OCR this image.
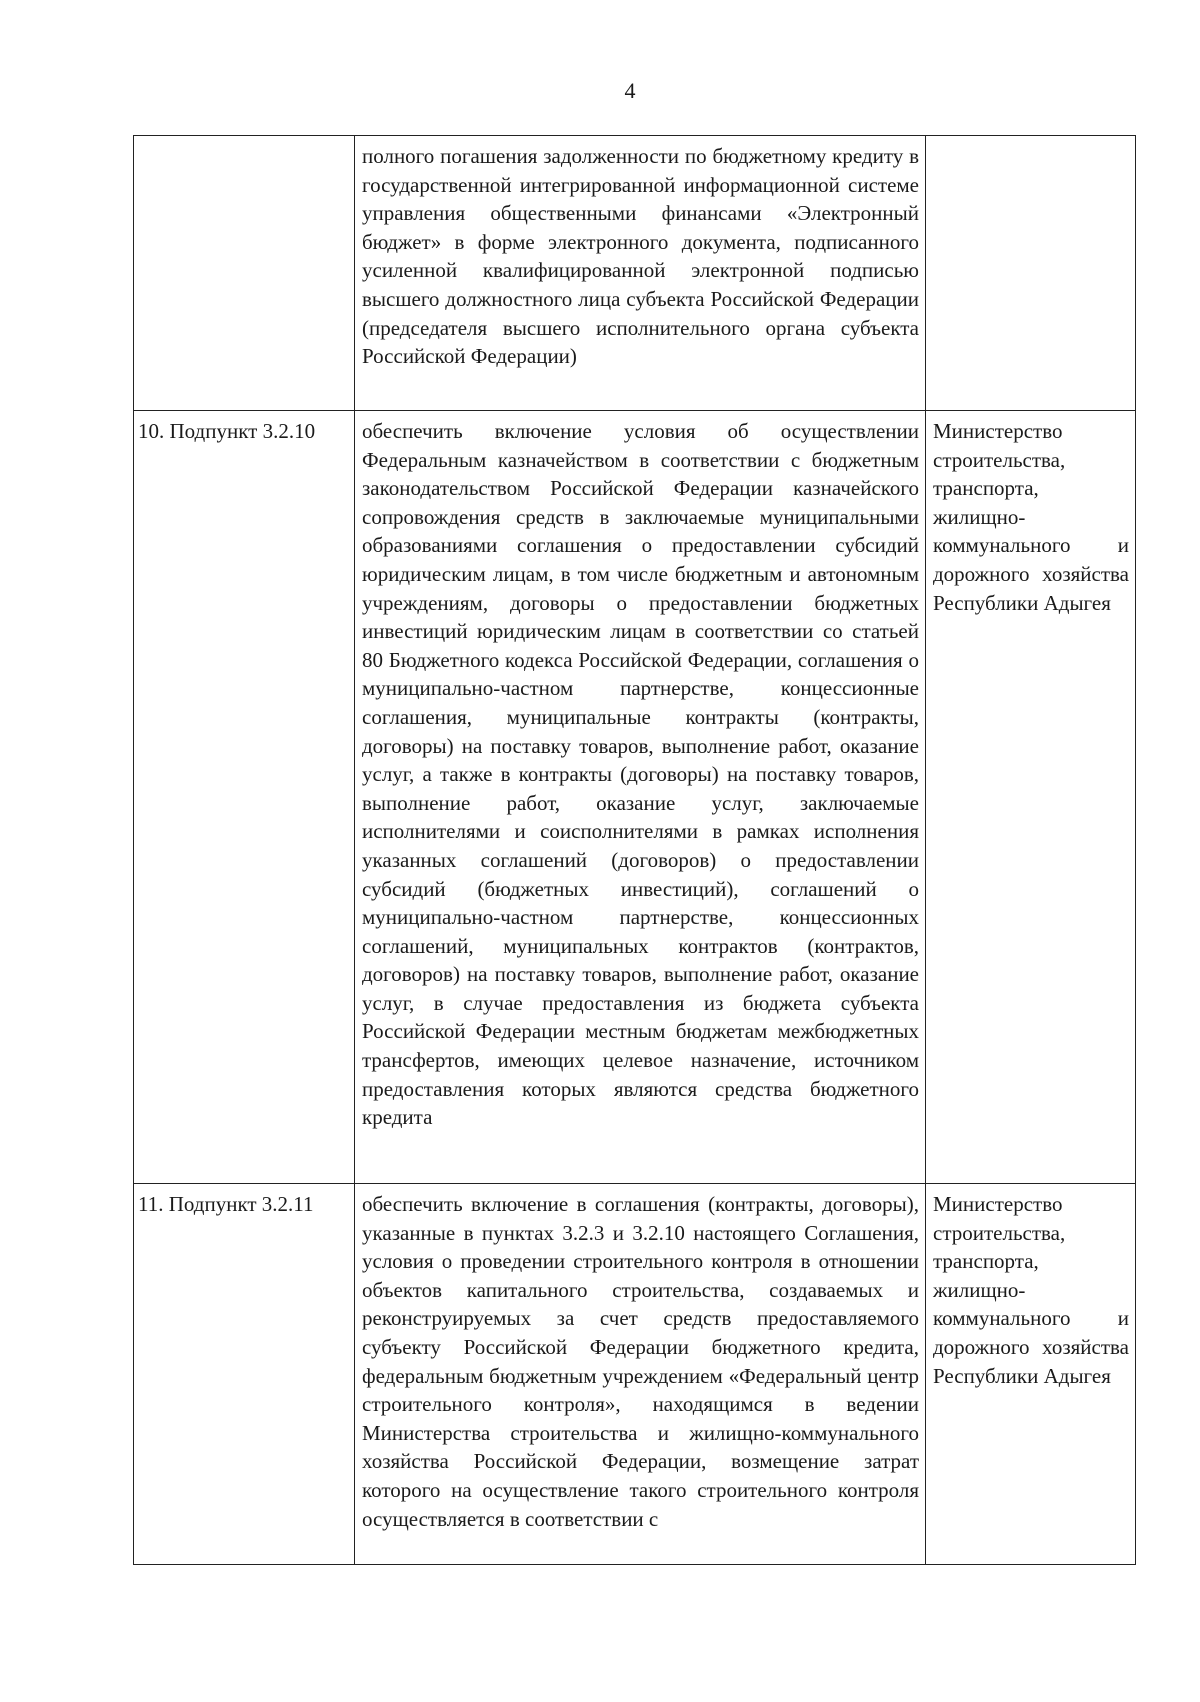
4

	полного погашения задолженности по бюджетному кредиту в государственной интегрированной информационной системе управления общественными финансами «Электронный бюджет» в форме электронного документа, подписанного усиленной квалифицированной электронной подписью высшего должностного лица субъекта Российской Федерации (председателя высшего исполнительного органа субъекта Российской Федерации)	

10. Подпункт 3.2.10	обеспечить включение условия об осуществлении Федеральным казначейством в соответствии с бюджетным законодательством Российской Федерации казначейского сопровождения средств в заключаемые муниципальными образованиями соглашения о предоставлении субсидий юридическим лицам, в том числе бюджетным и автономным учреждениям, договоры о предоставлении бюджетных инвестиций юридическим лицам в соответствии со статьей 80 Бюджетного кодекса Российской Федерации, соглашения о муниципально-частном партнерстве, концессионные соглашения, муниципальные контракты (контракты, договоры) на поставку товаров, выполнение работ, оказание услуг, а также в контракты (договоры) на поставку товаров, выполнение работ, оказание услуг, заключаемые исполнителями и соисполнителями в рамках исполнения указанных соглашений (договоров) о предоставлении субсидий (бюджетных инвестиций), соглашений о муниципально-частном партнерстве, концессионных соглашений, муниципальных контрактов (контрактов, договоров) на поставку товаров, выполнение работ, оказание услуг, в случае предоставления из бюджета субъекта Российской Федерации местным бюджетам межбюджетных трансфертов, имеющих целевое назначение, источником предоставления которых являются средства бюджетного кредита	Министерство строительства, транспорта, жилищно-коммунального и дорожного хозяйства Республики Адыгея

11. Подпункт 3.2.11	обеспечить включение в соглашения (контракты, договоры), указанные в пунктах 3.2.3 и 3.2.10 настоящего Соглашения, условия о проведении строительного контроля в отношении объектов капитального строительства, создаваемых и реконструируемых за счет средств предоставляемого субъекту Российской Федерации бюджетного кредита, федеральным бюджетным учреждением «Федеральный центр строительного контроля», находящимся в ведении Министерства строительства и жилищно-коммунального хозяйства Российской Федерации, возмещение затрат которого на осуществление такого строительного контроля осуществляется в соответствии с	Министерство строительства, транспорта, жилищно-коммунального и дорожного хозяйства Республики Адыгея
